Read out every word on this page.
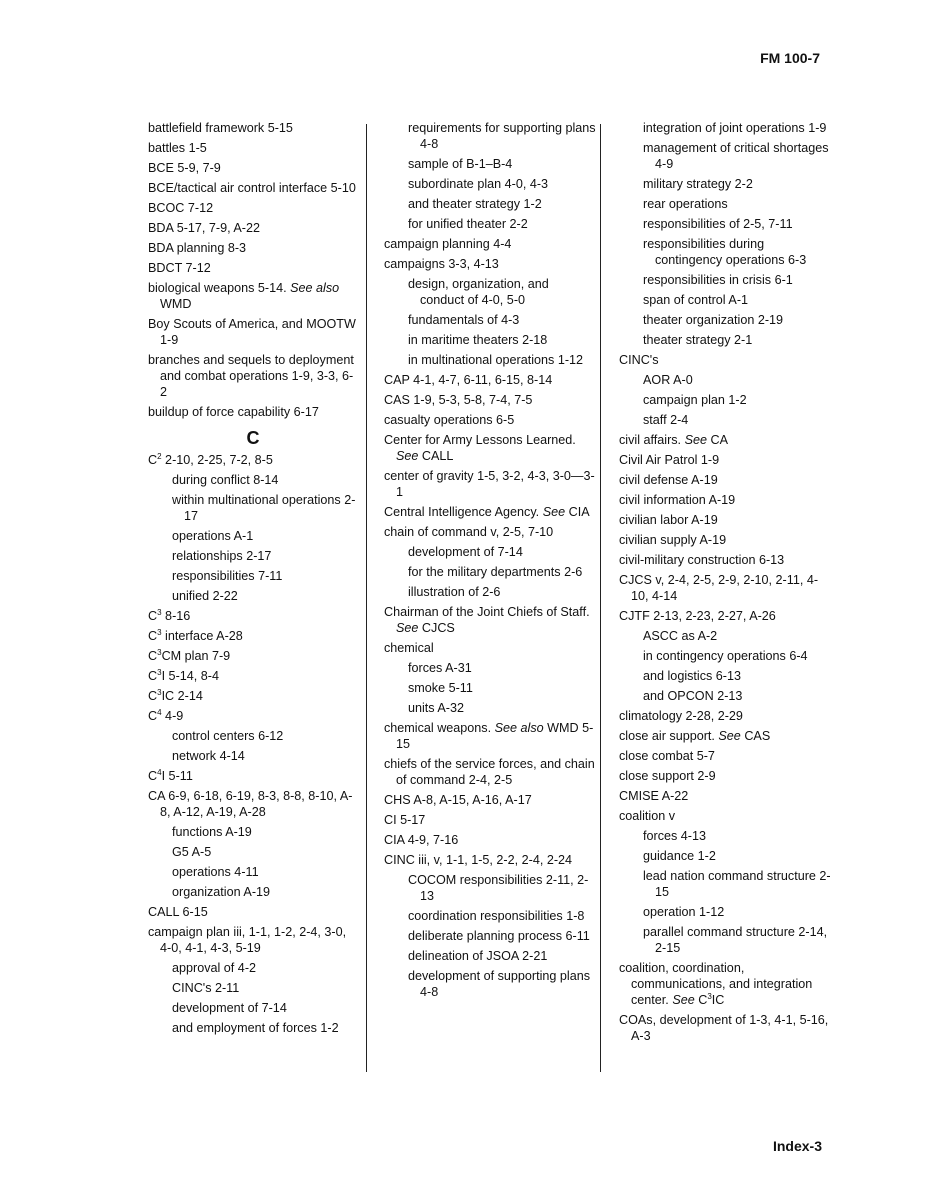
FM 100-7
battlefield framework 5-15
battles 1-5
BCE 5-9, 7-9
BCE/tactical air control interface 5-10
BCOC 7-12
BDA 5-17, 7-9, A-22
BDA planning 8-3
BDCT 7-12
biological weapons 5-14. See also WMD
Boy Scouts of America, and MOOTW 1-9
branches and sequels to deployment and combat operations 1-9, 3-3, 6-2
buildup of force capability 6-17
C
$C^2$ 2-10, 2-25, 7-2, 8-5
during conflict 8-14
within multinational operations 2-17
operations A-1
relationships 2-17
responsibilities 7-11
unified 2-22
$C^3$ 8-16
$C^3$ interface A-28
$C^3CM$ plan 7-9
$C^3I$ 5-14, 8-4
$C^3IC$ 2-14
$C^4$ 4-9
control centers 6-12
network 4-14
$C^4I$ 5-11
CA 6-9, 6-18, 6-19, 8-3, 8-8, 8-10, A-8, A-12, A-19, A-28
functions A-19
G5 A-5
operations 4-11
organization A-19
CALL 6-15
campaign plan iii, 1-1, 1-2, 2-4, 3-0, 4-0, 4-1, 4-3, 5-19
approval of 4-2
CINC's 2-11
development of 7-14
and employment of forces 1-2
requirements for supporting plans 4-8
sample of B-1–B-4
subordinate plan 4-0, 4-3
and theater strategy 1-2
for unified theater 2-2
campaign planning 4-4
campaigns 3-3, 4-13
design, organization, and conduct of 4-0, 5-0
fundamentals of 4-3
in maritime theaters 2-18
in multinational operations 1-12
CAP 4-1, 4-7, 6-11, 6-15, 8-14
CAS 1-9, 5-3, 5-8, 7-4, 7-5
casualty operations 6-5
Center for Army Lessons Learned. See CALL
center of gravity 1-5, 3-2, 4-3, 3-0—3-1
Central Intelligence Agency. See CIA
chain of command v, 2-5, 7-10
development of 7-14
for the military departments 2-6
illustration of 2-6
Chairman of the Joint Chiefs of Staff. See CJCS
chemical
forces A-31
smoke 5-11
units A-32
chemical weapons. See also WMD 5-15
chiefs of the service forces, and chain of command 2-4, 2-5
CHS A-8, A-15, A-16, A-17
CI 5-17
CIA 4-9, 7-16
CINC iii, v, 1-1, 1-5, 2-2, 2-4, 2-24
COCOM responsibilities 2-11, 2-13
coordination responsibilities 1-8
deliberate planning process 6-11
delineation of JSOA 2-21
development of supporting plans 4-8
integration of joint operations 1-9
management of critical shortages 4-9
military strategy 2-2
rear operations
responsibilities of 2-5, 7-11
responsibilities during contingency operations 6-3
responsibilities in crisis 6-1
span of control A-1
theater organization 2-19
theater strategy 2-1
CINC's
AOR A-0
campaign plan 1-2
staff 2-4
civil affairs. See CA
Civil Air Patrol 1-9
civil defense A-19
civil information A-19
civilian labor A-19
civilian supply A-19
civil-military construction 6-13
CJCS v, 2-4, 2-5, 2-9, 2-10, 2-11, 4-10, 4-14
CJTF 2-13, 2-23, 2-27, A-26
ASCC as A-2
in contingency operations 6-4
and logistics 6-13
and OPCON 2-13
climatology 2-28, 2-29
close air support. See CAS
close combat 5-7
close support 2-9
CMISE A-22
coalition v
forces 4-13
guidance 1-2
lead nation command structure 2-15
operation 1-12
parallel command structure 2-14, 2-15
coalition, coordination, communications, and integration center. See $C^3IC$
COAs, development of 1-3, 4-1, 5-16, A-3
Index-3
